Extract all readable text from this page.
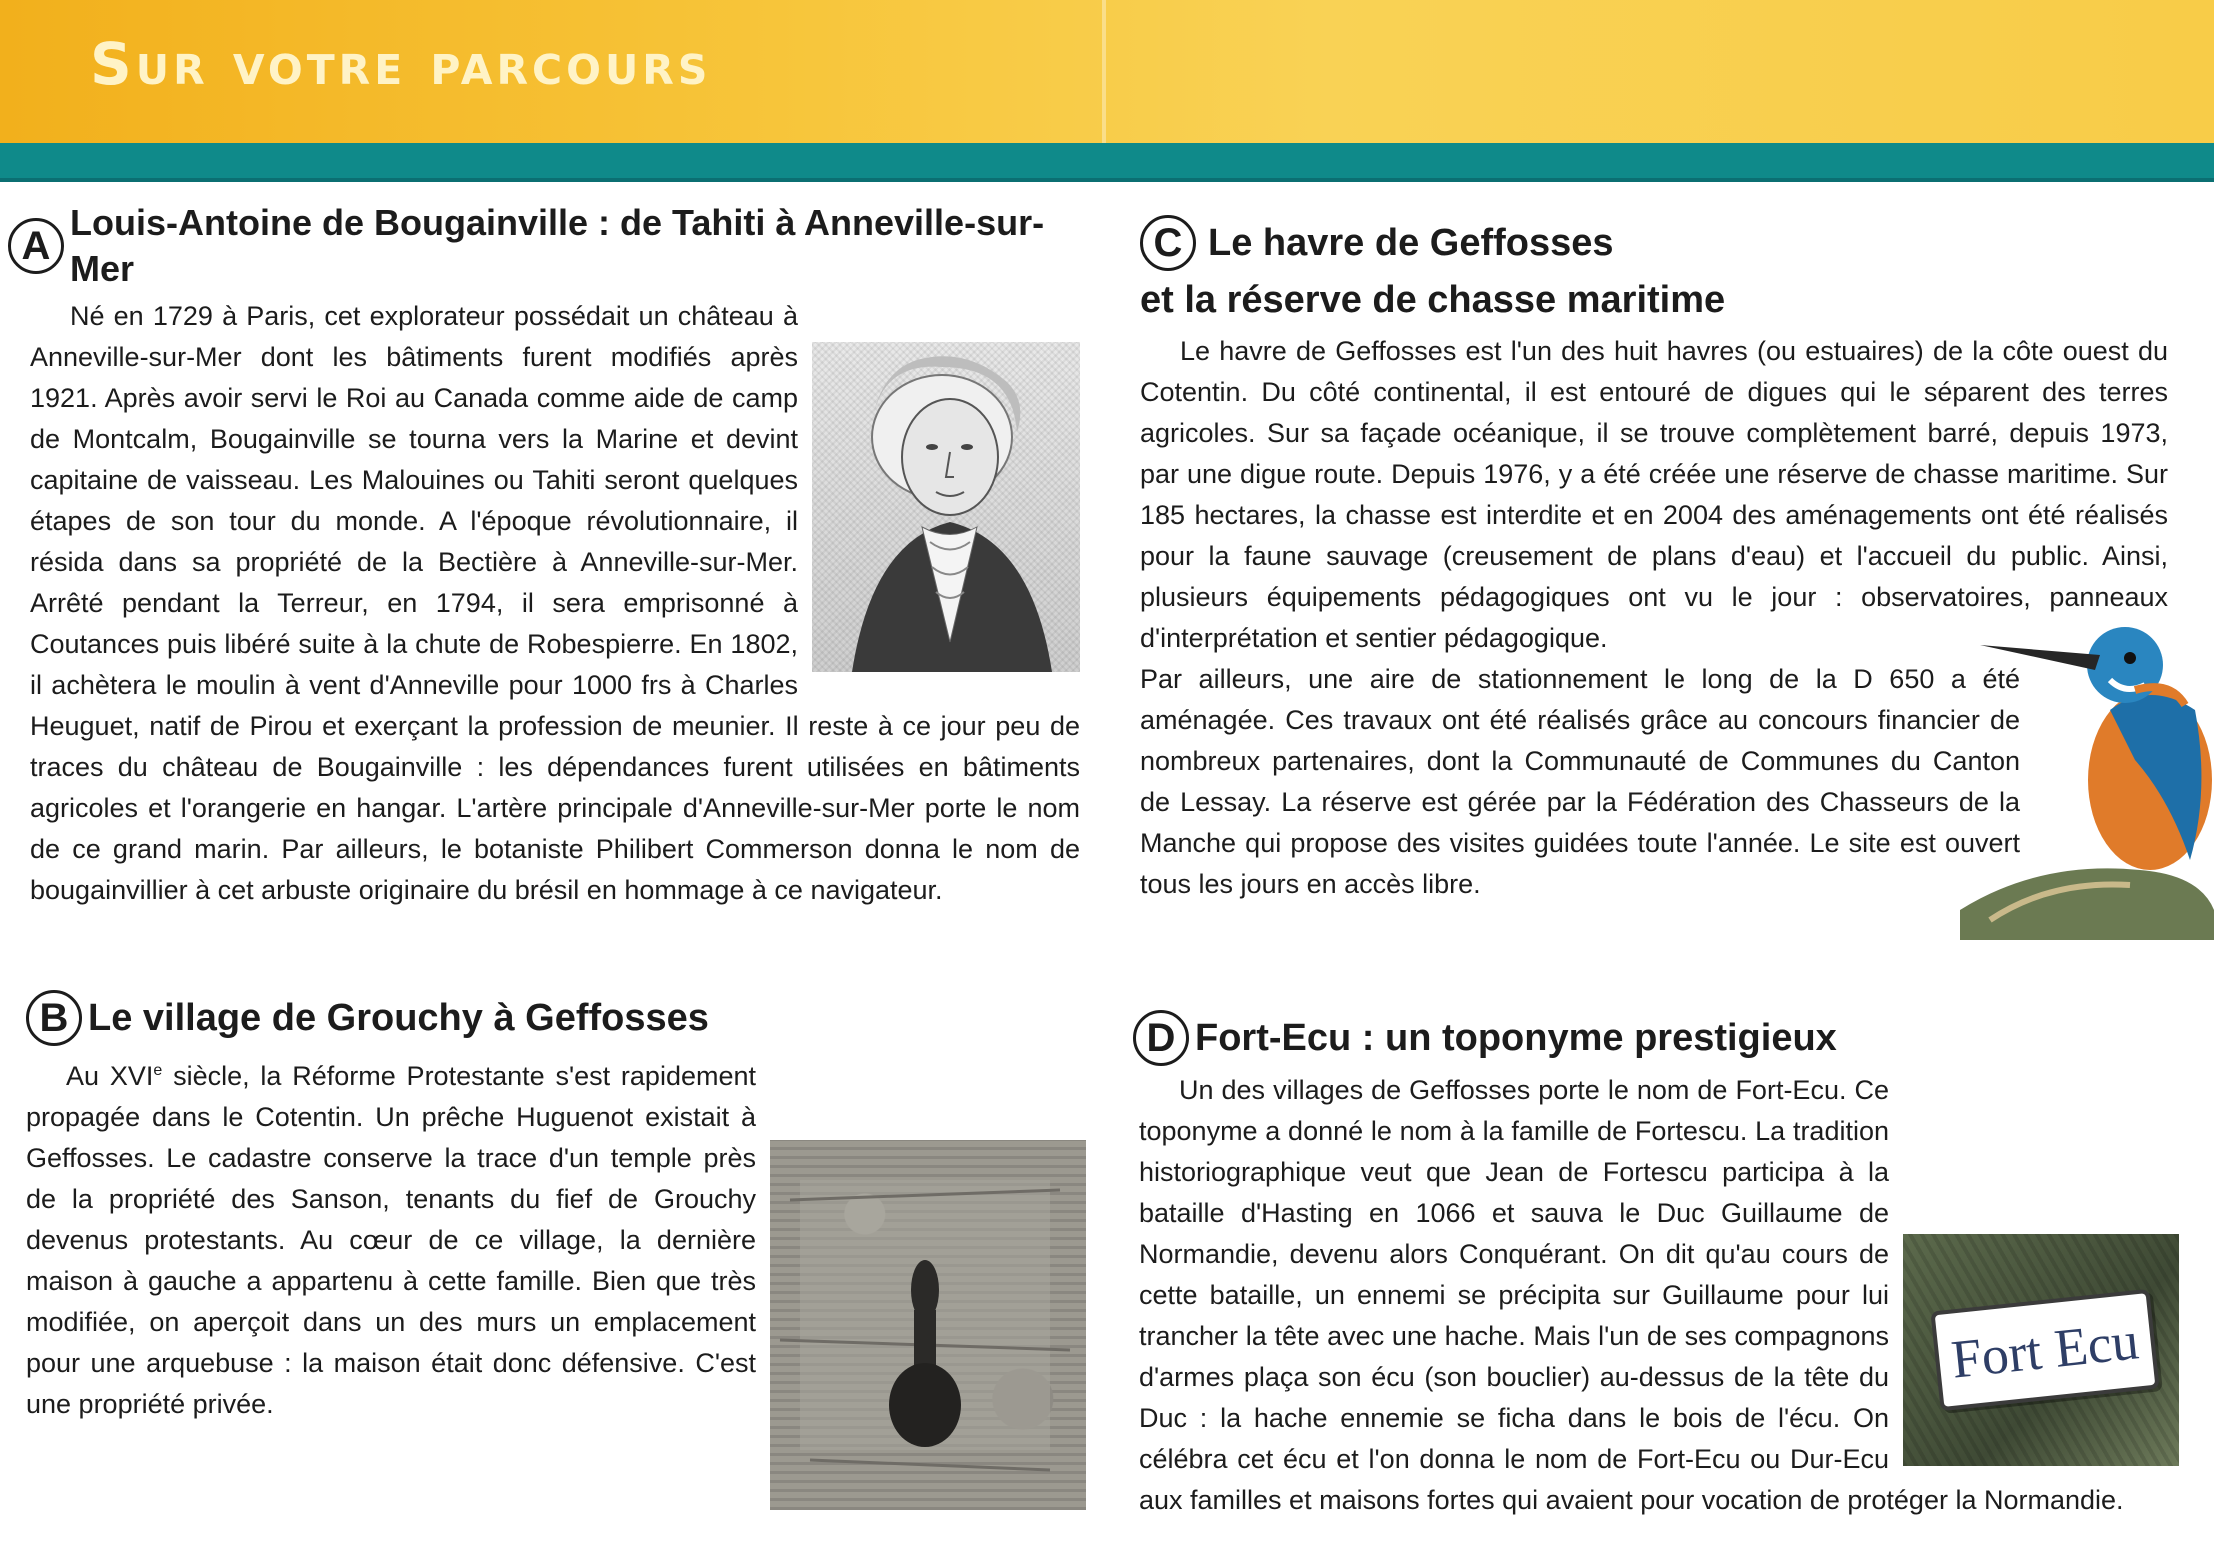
Sur votre parcours
A
Louis-Antoine de Bougainville : de Tahiti à Anneville-sur-Mer

Né en 1729 à Paris, cet explorateur possédait un château à Anneville-sur-Mer dont les bâtiments furent modifiés après 1921. Après avoir servi le Roi au Canada comme aide de camp de Montcalm, Bougainville se tourna vers la Marine et devint capitaine de vaisseau. Les Malouines ou Tahiti seront quelques étapes de son tour du monde. A l'époque révolutionnaire, il résida dans sa propriété de la Bectière à Anneville-sur-Mer. Arrêté pendant la Terreur, en 1794, il sera emprisonné à Coutances puis libéré suite à la chute de Robespierre. En 1802, il achètera le moulin à vent d'Anneville pour 1000 frs à Charles Heuguet, natif de Pirou et exerçant la profession de meunier. Il reste à ce jour peu de traces du château de Bougainville : les dépendances furent utilisées en bâtiments agricoles et l'orangerie en hangar. L'artère principale d'Anneville-sur-Mer porte le nom de ce grand marin. Par ailleurs, le botaniste Philibert Commerson donna le nom de bougainvillier à cet arbuste originaire du brésil en hommage à ce navigateur.

B Le village de Grouchy à Geffosses

Au XVIe siècle, la Réforme Protestante s'est rapidement propagée dans le Cotentin. Un prêche Huguenot existait à Geffosses. Le cadastre conserve la trace d'un temple près de la propriété des Sanson, tenants du fief de Grouchy devenus protestants. Au cœur de ce village, la dernière maison à gauche a appartenu à cette famille. Bien que très modifiée, on aperçoit dans un des murs un emplacement pour une arquebuse : la maison était donc défensive. C'est une propriété privée.

C Le havre de Geffosses
et la réserve de chasse maritime

Le havre de Geffosses est l'un des huit havres (ou estuaires) de la côte ouest du Cotentin. Du côté continental, il est entouré de digues qui le séparent des terres agricoles. Sur sa façade océanique, il se trouve complètement barré, depuis 1973, par une digue route. Depuis 1976, y a été créée une réserve de chasse maritime. Sur 185 hectares, la chasse est interdite et en 2004 des aménagements ont été réalisés pour la faune sauvage (creusement de plans d'eau) et l'accueil du public. Ainsi, plusieurs équipements pédagogiques ont vu le jour : observatoires, panneaux d'interprétation et sentier pédagogique.

Par ailleurs, une aire de stationnement le long de la D 650 a été aménagée. Ces travaux ont été réalisés grâce au concours financier de nombreux partenaires, dont la Communauté de Communes du Canton de Lessay. La réserve est gérée par la Fédération des Chasseurs de la Manche qui propose des visites guidées toute l'année. Le site est ouvert tous les jours en accès libre.

D Fort-Ecu : un toponyme prestigieux
Fort Ecu

Un des villages de Geffosses porte le nom de Fort-Ecu. Ce toponyme a donné le nom à la famille de Fortescu. La tradition historiographique veut que Jean de Fortescu participa à la bataille d'Hasting en 1066 et sauva le Duc Guillaume de Normandie, devenu alors Conquérant. On dit qu'au cours de cette bataille, un ennemi se précipita sur Guillaume pour lui trancher la tête avec une hache. Mais l'un de ses compagnons d'armes plaça son écu (son bouclier) au-dessus de la tête du Duc : la hache ennemie se ficha dans le bois de l'écu. On célébra cet écu et l'on donna le nom de Fort-Ecu ou Dur-Ecu aux familles et maisons fortes qui avaient pour vocation de protéger la Normandie.
